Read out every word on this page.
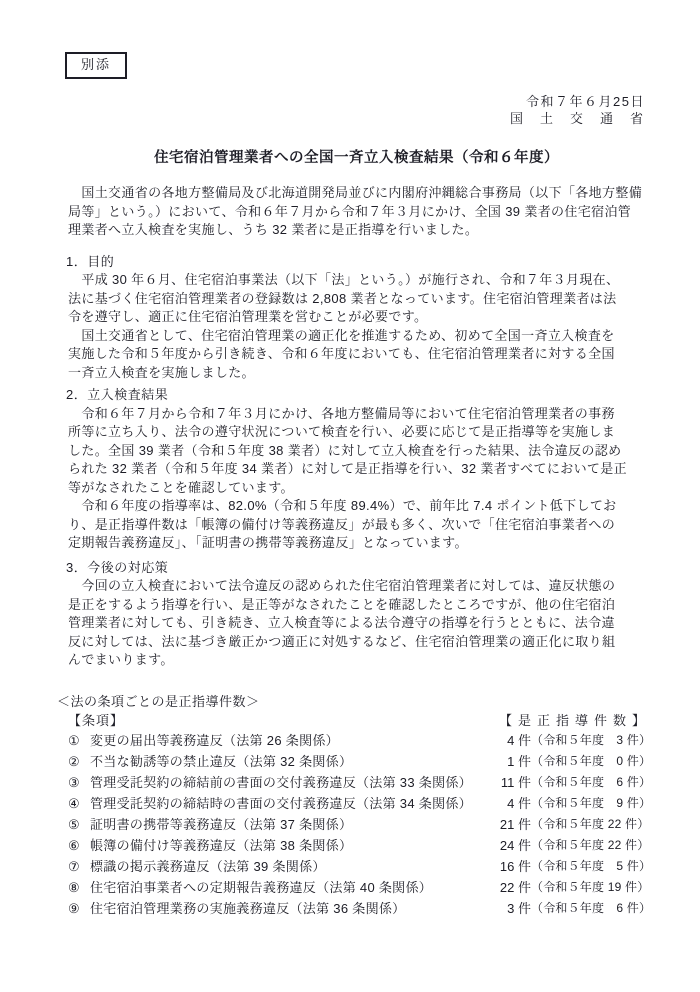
別添
令和７年６月25日
国　土　交　通　省
住宅宿泊管理業者への全国一斉立入検査結果（令和６年度）
　国土交通省の各地方整備局及び北海道開発局並びに内閣府沖縄総合事務局（以下「各地方整備
局等」という。）において、令和６年７月から令和７年３月にかけ、全国 39 業者の住宅宿泊管
理業者へ立入検査を実施し、うち 32 業者に是正指導を行いました。
1．目的
　平成 30 年６月、住宅宿泊事業法（以下「法」という。）が施行され、令和７年３月現在、
法に基づく住宅宿泊管理業者の登録数は 2,808 業者となっています。住宅宿泊管理業者は法
令を遵守し、適正に住宅宿泊管理業を営むことが必要です。
　国土交通省として、住宅宿泊管理業の適正化を推進するため、初めて全国一斉立入検査を
実施した令和５年度から引き続き、令和６年度においても、住宅宿泊管理業者に対する全国
一斉立入検査を実施しました。
2．立入検査結果
　令和６年７月から令和７年３月にかけ、各地方整備局等において住宅宿泊管理業者の事務
所等に立ち入り、法令の遵守状況について検査を行い、必要に応じて是正指導等を実施しま
した。全国 39 業者（令和５年度 38 業者）に対して立入検査を行った結果、法令違反の認め
られた 32 業者（令和５年度 34 業者）に対して是正指導を行い、32 業者すべてにおいて是正
等がなされたことを確認しています。
　令和６年度の指導率は、82.0%（令和５年度 89.4%）で、前年比 7.4 ポイント低下してお
り、是正指導件数は「帳簿の備付け等義務違反」が最も多く、次いで「住宅宿泊事業者への
定期報告義務違反」、「証明書の携帯等義務違反」となっています。
3．今後の対応策
　今回の立入検査において法令違反の認められた住宅宿泊管理業者に対しては、違反状態の
是正をするよう指導を行い、是正等がなされたことを確認したところですが、他の住宅宿泊
管理業者に対しても、引き続き、立入検査等による法令遵守の指導を行うとともに、法令違
反に対しては、法に基づき厳正かつ適正に対処するなど、住宅宿泊管理業の適正化に取り組
んでまいります。
＜法の条項ごとの是正指導件数＞
【条項】	【是正指導件数】
① 変更の届出等義務違反（法第 26 条関係）	4 件 （令和５年度　3 件）
② 不当な勧誘等の禁止違反（法第 32 条関係）	1 件 （令和５年度　0 件）
③ 管理受託契約の締結前の書面の交付義務違反（法第 33 条関係）	11 件 （令和５年度　6 件）
④ 管理受託契約の締結時の書面の交付義務違反（法第 34 条関係）	4 件 （令和５年度　9 件）
⑤ 証明書の携帯等義務違反（法第 37 条関係）	21 件 （令和５年度 22 件）
⑥ 帳簿の備付け等義務違反（法第 38 条関係）	24 件 （令和５年度 22 件）
⑦ 標識の掲示義務違反（法第 39 条関係）	16 件 （令和５年度　5 件）
⑧ 住宅宿泊事業者への定期報告義務違反（法第 40 条関係）	22 件 （令和５年度 19 件）
⑨ 住宅宿泊管理業務の実施義務違反（法第 36 条関係）	3 件 （令和５年度　6 件）
